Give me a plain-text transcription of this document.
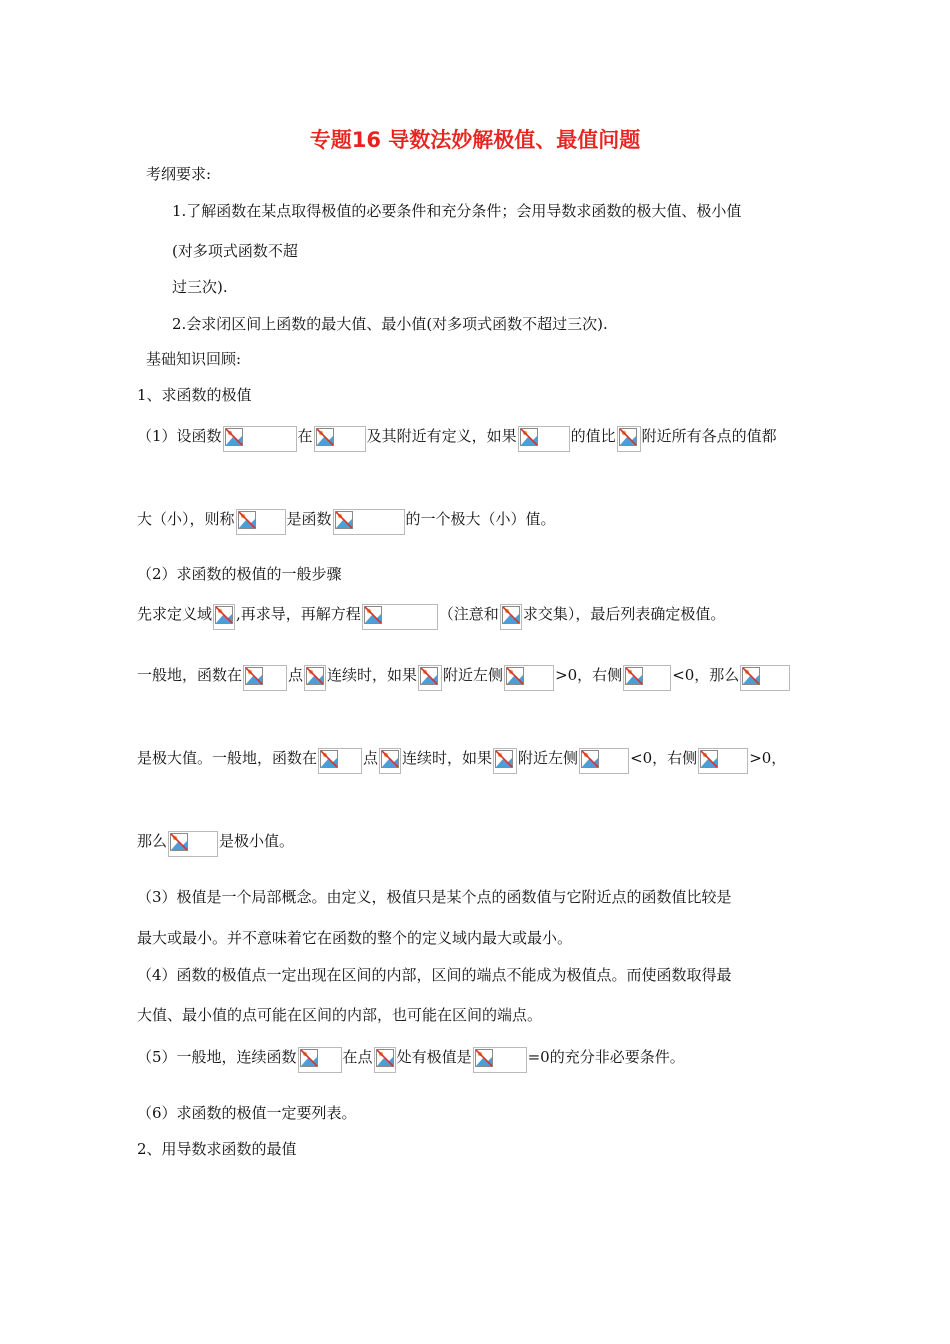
专题16 导数法妙解极值、最值问题
考纲要求:
1.了解函数在某点取得极值的必要条件和充分条件；会用导数求函数的极大值、极小值
(对多项式函数不超
过三次).
2.会求闭区间上函数的最大值、最小值(对多项式函数不超过三次).
基础知识回顾:
1、求函数的极值
（1）设函数	在	及其附近有定义，如果	的值比 附近所有各点的值都
大（小），则称	是函数	的一个极大（小）值。
（2）求函数的极值的一般步骤
先求定义域 ,再求导，再解方程	（注意和 求交集），最后列表确定极值。
一般地，函数在	点 连续时，如果 附近左侧	>0，右侧	<0，那么
是极大值。一般地，函数在	点 连续时，如果 附近左侧	<0，右侧	>0，
那么	是极小值。
（3）极值是一个局部概念。由定义，极值只是某个点的函数值与它附近点的函数值比较是
最大或最小。并不意味着它在函数的整个的定义域内最大或最小。
（4）函数的极值点一定出现在区间的内部，区间的端点不能成为极值点。而使函数取得最
大值、最小值的点可能在区间的内部，也可能在区间的端点。
（5）一般地，连续函数	在点 处有极值是	=0的充分非必要条件。
（6）求函数的极值一定要列表。
2、用导数求函数的最值
